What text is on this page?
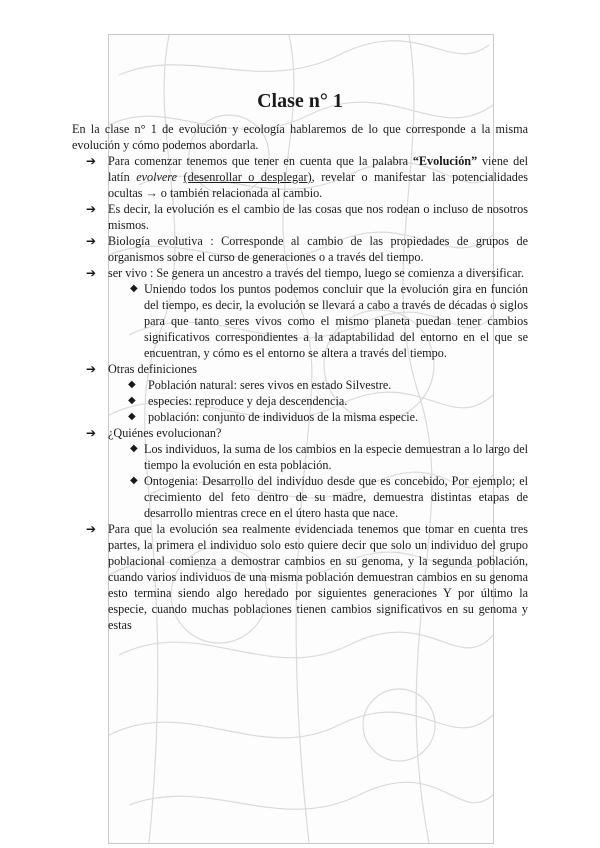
Clase n° 1

En la clase n° 1 de evolución y ecología hablaremos de lo que corresponde a la misma evolución y cómo podemos abordarla.

➔ Para comenzar tenemos que tener en cuenta que la palabra “Evolución” viene del latín evolvere (desenrollar o desplegar), revelar o manifestar las potencialidades ocultas → o también relacionada al cambio.
➔ Es decir, la evolución es el cambio de las cosas que nos rodean o incluso de nosotros mismos.
➔ Biología evolutiva : Corresponde al cambio de las propiedades de grupos de organismos sobre el curso de generaciones o a través del tiempo.
➔ ser vivo : Se genera un ancestro a través del tiempo, luego se comienza a diversificar.
◆ Uniendo todos los puntos podemos concluir que la evolución gira en función del tiempo, es decir, la evolución se llevará a cabo a través de décadas o siglos para que tanto seres vivos como el mismo planeta puedan tener cambios significativos correspondientes a la adaptabilidad del entorno en el que se encuentran, y cómo es el entorno se altera a través del tiempo.
➔ Otras definiciones
◆ Población natural: seres vivos en estado Silvestre.
◆ especies: reproduce y deja descendencia.
◆ población: conjunto de individuos de la misma especie.
➔ ¿Quiénes evolucionan?
◆ Los individuos, la suma de los cambios en la especie demuestran a lo largo del tiempo la evolución en esta población.
◆ Ontogenia: Desarrollo del individuo desde que es concebido, Por ejemplo; el crecimiento del feto dentro de su madre, demuestra distintas etapas de desarrollo mientras crece en el útero hasta que nace.
➔ Para que la evolución sea realmente evidenciada tenemos que tomar en cuenta tres partes, la primera el individuo solo esto quiere decir que solo un individuo del grupo poblacional comienza a demostrar cambios en su genoma, y la segunda población, cuando varios individuos de una misma población demuestran cambios en su genoma esto termina siendo algo heredado por siguientes generaciones Y por último la especie, cuando muchas poblaciones tienen cambios significativos en su genoma y estas
